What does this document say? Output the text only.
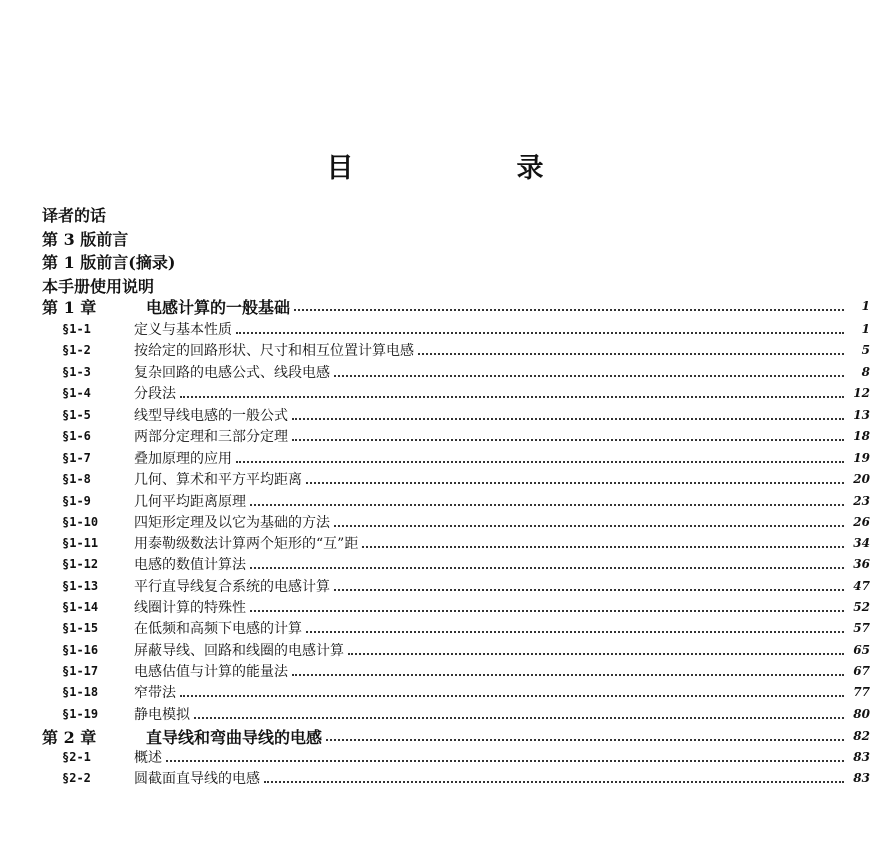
目　录
译者的话
第 3 版前言
第 1 版前言(摘录)
本手册使用说明
第 1 章	电感计算的一般基础	1
§1-1	定义与基本性质	1
§1-2	按给定的回路形状、尺寸和相互位置计算电感	5
§1-3	复杂回路的电感公式、线段电感	8
§1-4	分段法	12
§1-5	线型导线电感的一般公式	13
§1-6	两部分定理和三部分定理	18
§1-7	叠加原理的应用	19
§1-8	几何、算术和平方平均距离	20
§1-9	几何平均距离原理	23
§1-10	四矩形定理及以它为基础的方法	26
§1-11	用泰勒级数法计算两个矩形的“互”距	34
§1-12	电感的数值计算法	36
§1-13	平行直导线复合系统的电感计算	47
§1-14	线圈计算的特殊性	52
§1-15	在低频和高频下电感的计算	57
§1-16	屏蔽导线、回路和线圈的电感计算	65
§1-17	电感估值与计算的能量法	67
§1-18	窄带法	77
§1-19	静电模拟	80
第 2 章	直导线和弯曲导线的电感	82
§2-1	概述	83
§2-2	圆截面直导线的电感	83
